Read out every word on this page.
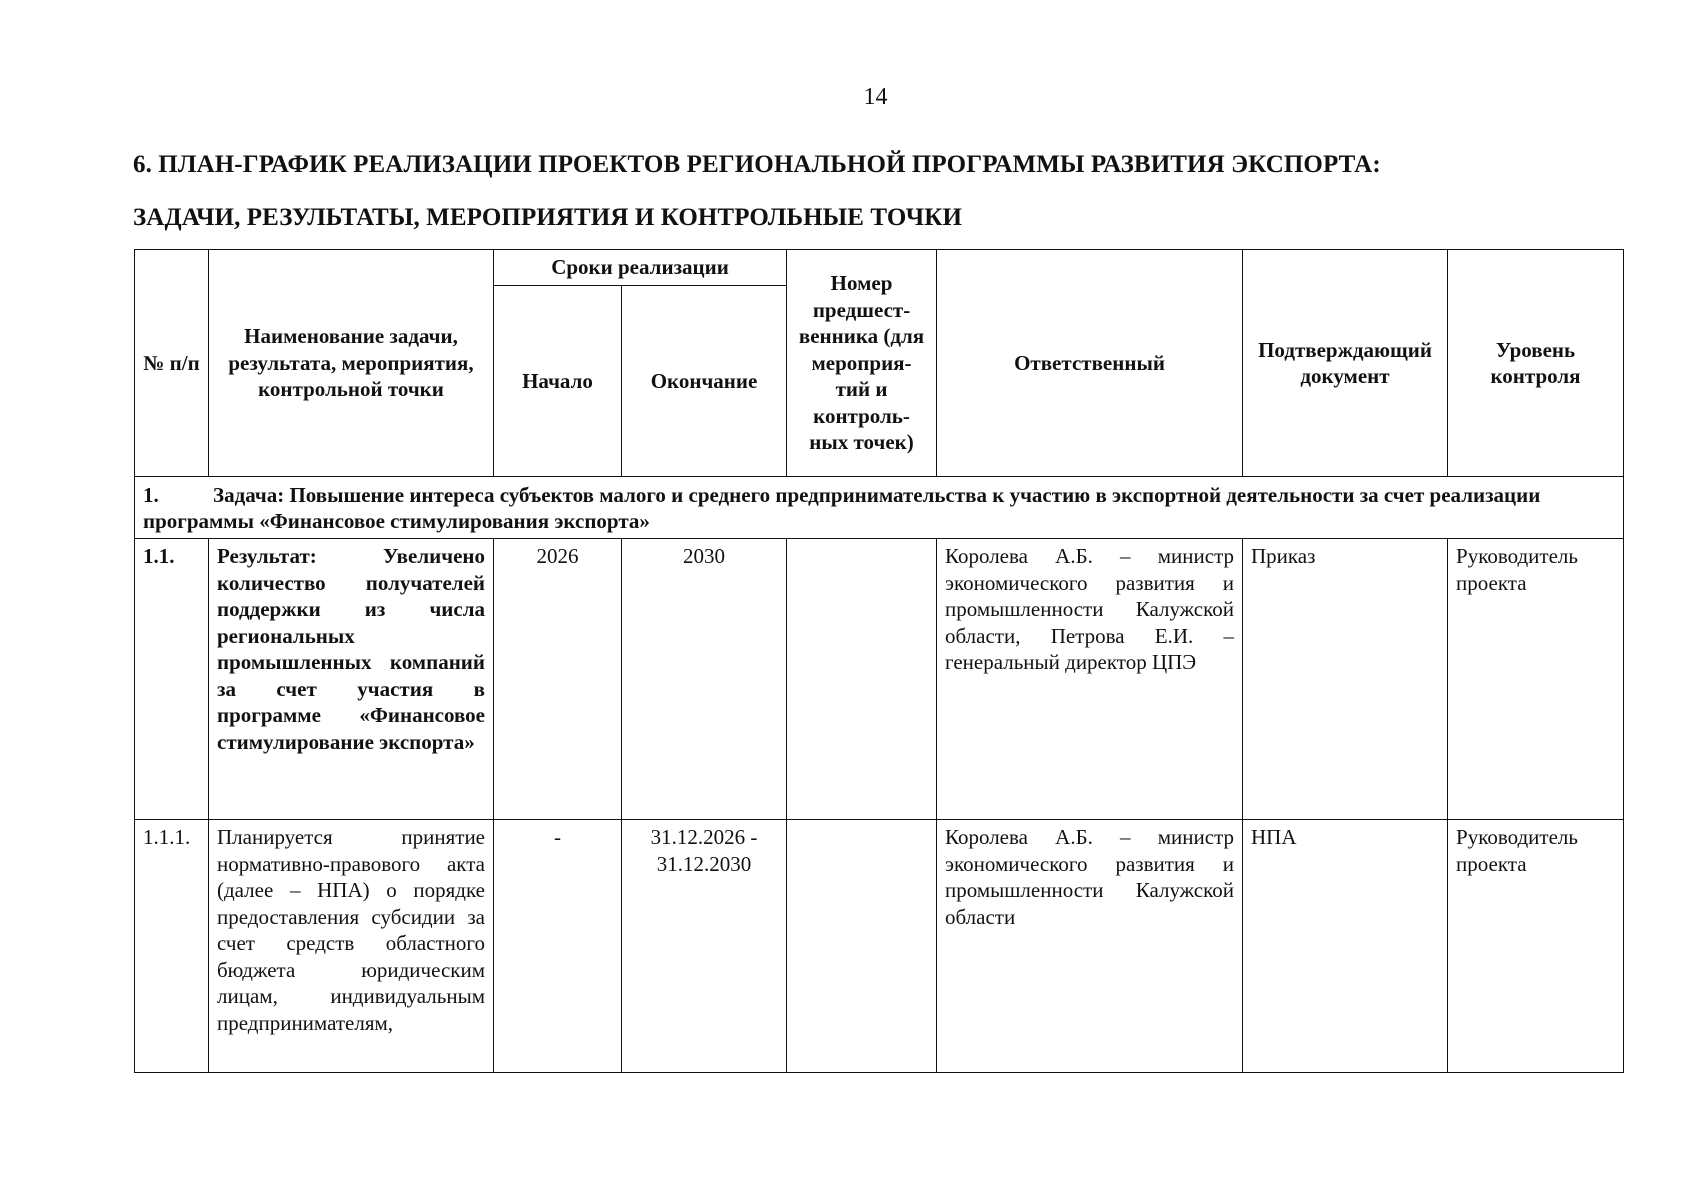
14
6. ПЛАН-ГРАФИК РЕАЛИЗАЦИИ ПРОЕКТОВ РЕГИОНАЛЬНОЙ ПРОГРАММЫ РАЗВИТИЯ ЭКСПОРТА:
ЗАДАЧИ, РЕЗУЛЬТАТЫ, МЕРОПРИЯТИЯ И КОНТРОЛЬНЫЕ ТОЧКИ
№ п/п	Наименование задачи, результата, мероприятия, контрольной точки	Сроки реализации		Номер предшест-венника (для мероприя-тий и контроль-ных точек)	Ответственный	Подтверждающий документ	Уровень контроля
		Начало	Окончание				
1. Задача: Повышение интереса субъектов малого и среднего предпринимательства к участию в экспортной деятельности за счет реализации программы «Финансовое стимулирования экспорта»							
1.1.	Результат: Увеличено количество получателей поддержки из числа региональных промышленных компаний за счет участия в программе «Финансовое стимулирование экспорта»	2026	2030		Королева А.Б. – министр экономического развития и промышленности Калужской области, Петрова Е.И. – генеральный директор ЦПЭ	Приказ	Руководитель проекта
1.1.1.	Планируется принятие нормативно-правового акта (далее – НПА) о порядке предоставления субсидии за счет средств областного бюджета юридическим лицам, индивидуальным предпринимателям,	-	31.12.2026 - 31.12.2030		Королева А.Б. – министр экономического развития и промышленности Калужской области	НПА	Руководитель проекта
